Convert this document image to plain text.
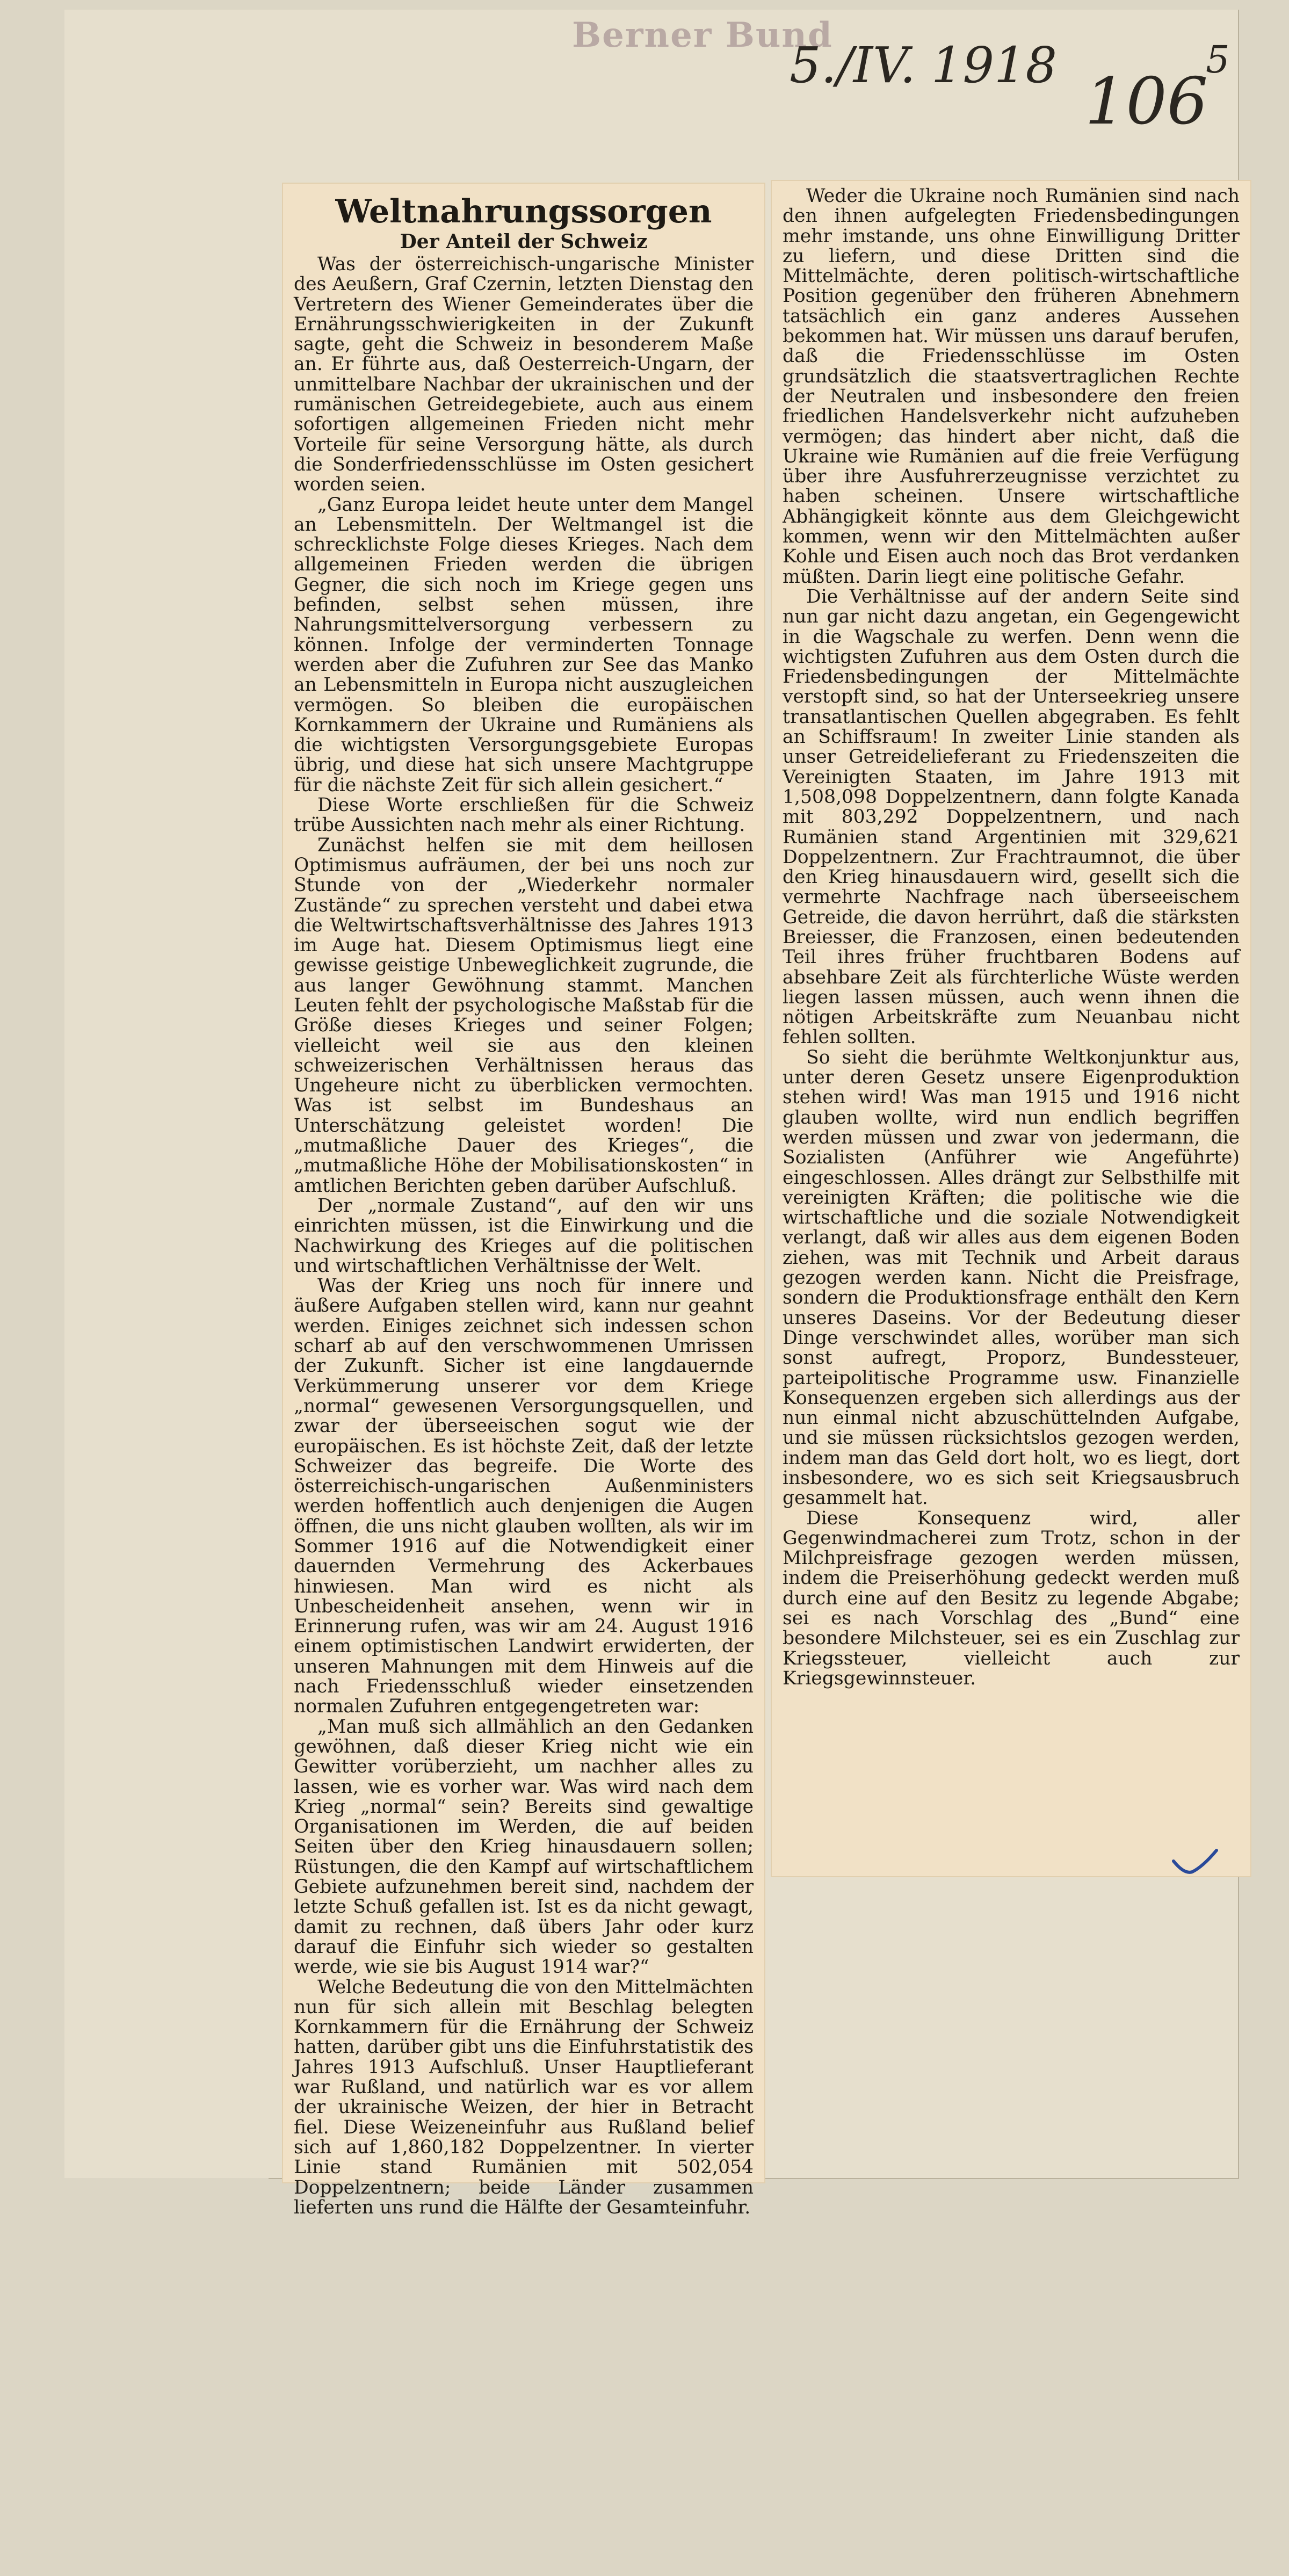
Berner Bund
5./IV. 1918 106
5
Weltnahrungssorgen
Der Anteil der Schweiz

Was der österreichisch-ungarische Minister des Aeußern, Graf Czernin, letzten Dienstag den Vertretern des Wiener Gemeinderates über die Ernährungsschwierigkeiten in der Zukunft sagte, geht die Schweiz in besonderem Maße an. Er führte aus, daß Oesterreich-Ungarn, der unmittelbare Nachbar der ukrainischen und der rumänischen Getreidegebiete, auch aus einem sofortigen allgemeinen Frieden nicht mehr Vorteile für seine Versorgung hätte, als durch die Sonderfriedensschlüsse im Osten gesichert worden seien.

„Ganz Europa leidet heute unter dem Mangel an Lebensmitteln. Der Weltmangel ist die schrecklichste Folge dieses Krieges. Nach dem allgemeinen Frieden werden die übrigen Gegner, die sich noch im Kriege gegen uns befinden, selbst sehen müssen, ihre Nahrungsmittelversorgung verbessern zu können. Infolge der verminderten Tonnage werden aber die Zufuhren zur See das Manko an Lebensmitteln in Europa nicht auszugleichen vermögen. So bleiben die europäischen Kornkammern der Ukraine und Rumäniens als die wichtigsten Versorgungsgebiete Europas übrig, und diese hat sich unsere Machtgruppe für die nächste Zeit für sich allein gesichert.“

Diese Worte erschließen für die Schweiz trübe Aussichten nach mehr als einer Richtung.

Zunächst helfen sie mit dem heillosen Optimismus aufräumen, der bei uns noch zur Stunde von der „Wiederkehr normaler Zustände“ zu sprechen versteht und dabei etwa die Weltwirtschaftsverhältnisse des Jahres 1913 im Auge hat. Diesem Optimismus liegt eine gewisse geistige Unbeweglichkeit zugrunde, die aus langer Gewöhnung stammt. Manchen Leuten fehlt der psychologische Maßstab für die Größe dieses Krieges und seiner Folgen; vielleicht weil sie aus den kleinen schweizerischen Verhältnissen heraus das Ungeheure nicht zu überblicken vermochten. Was ist selbst im Bundeshaus an Unterschätzung geleistet worden! Die „mutmaßliche Dauer des Krieges“, die „mutmaßliche Höhe der Mobilisationskosten“ in amtlichen Berichten geben darüber Aufschluß.

Der „normale Zustand“, auf den wir uns einrichten müssen, ist die Einwirkung und die Nachwirkung des Krieges auf die politischen und wirtschaftlichen Verhältnisse der Welt.

Was der Krieg uns noch für innere und äußere Aufgaben stellen wird, kann nur geahnt werden. Einiges zeichnet sich indessen schon scharf ab auf den verschwommenen Umrissen der Zukunft. Sicher ist eine langdauernde Verkümmerung unserer vor dem Kriege „normal“ gewesenen Versorgungsquellen, und zwar der überseeischen sogut wie der europäischen. Es ist höchste Zeit, daß der letzte Schweizer das begreife. Die Worte des österreichisch-ungarischen Außenministers werden hoffentlich auch denjenigen die Augen öffnen, die uns nicht glauben wollten, als wir im Sommer 1916 auf die Notwendigkeit einer dauernden Vermehrung des Ackerbaues hinwiesen. Man wird es nicht als Unbescheidenheit ansehen, wenn wir in Erinnerung rufen, was wir am 24. August 1916 einem optimistischen Landwirt erwiderten, der unseren Mahnungen mit dem Hinweis auf die nach Friedensschluß wieder einsetzenden normalen Zufuhren entgegengetreten war:

„Man muß sich allmählich an den Gedanken gewöhnen, daß dieser Krieg nicht wie ein Gewitter vorüberzieht, um nachher alles zu lassen, wie es vorher war. Was wird nach dem Krieg „normal“ sein? Bereits sind gewaltige Organisationen im Werden, die auf beiden Seiten über den Krieg hinausdauern sollen; Rüstungen, die den Kampf auf wirtschaftlichem Gebiete aufzunehmen bereit sind, nachdem der letzte Schuß gefallen ist. Ist es da nicht gewagt, damit zu rechnen, daß übers Jahr oder kurz darauf die Einfuhr sich wieder so gestalten werde, wie sie bis August 1914 war?“

Welche Bedeutung die von den Mittelmächten nun für sich allein mit Beschlag belegten Kornkammern für die Ernährung der Schweiz hatten, darüber gibt uns die Einfuhrstatistik des Jahres 1913 Aufschluß. Unser Hauptlieferant war Rußland, und natürlich war es vor allem der ukrainische Weizen, der hier in Betracht fiel. Diese Weizeneinfuhr aus Rußland belief sich auf 1,860,182 Doppelzentner. In vierter Linie stand Rumänien mit 502,054 Doppelzentnern; beide Länder zusammen lieferten uns rund die Hälfte der Gesamteinfuhr.

Weder die Ukraine noch Rumänien sind nach den ihnen aufgelegten Friedensbedingungen mehr imstande, uns ohne Einwilligung Dritter zu liefern, und diese Dritten sind die Mittelmächte, deren politisch-wirtschaftliche Position gegenüber den früheren Abnehmern tatsächlich ein ganz anderes Aussehen bekommen hat. Wir müssen uns darauf berufen, daß die Friedensschlüsse im Osten grundsätzlich die staatsvertraglichen Rechte der Neutralen und insbesondere den freien friedlichen Handelsverkehr nicht aufzuheben vermögen; das hindert aber nicht, daß die Ukraine wie Rumänien auf die freie Verfügung über ihre Ausfuhrerzeugnisse verzichtet zu haben scheinen. Unsere wirtschaftliche Abhängigkeit könnte aus dem Gleichgewicht kommen, wenn wir den Mittelmächten außer Kohle und Eisen auch noch das Brot verdanken müßten. Darin liegt eine politische Gefahr.

Die Verhältnisse auf der andern Seite sind nun gar nicht dazu angetan, ein Gegengewicht in die Wagschale zu werfen. Denn wenn die wichtigsten Zufuhren aus dem Osten durch die Friedensbedingungen der Mittelmächte verstopft sind, so hat der Unterseekrieg unsere transatlantischen Quellen abgegraben. Es fehlt an Schiffsraum! In zweiter Linie standen als unser Getreidelieferant zu Friedenszeiten die Vereinigten Staaten, im Jahre 1913 mit 1,508,098 Doppelzentnern, dann folgte Kanada mit 803,292 Doppelzentnern, und nach Rumänien stand Argentinien mit 329,621 Doppelzentnern. Zur Frachtraumnot, die über den Krieg hinausdauern wird, gesellt sich die vermehrte Nachfrage nach überseeischem Getreide, die davon herrührt, daß die stärksten Breiesser, die Franzosen, einen bedeutenden Teil ihres früher fruchtbaren Bodens auf absehbare Zeit als fürchterliche Wüste werden liegen lassen müssen, auch wenn ihnen die nötigen Arbeitskräfte zum Neuanbau nicht fehlen sollten.

So sieht die berühmte Weltkonjunktur aus, unter deren Gesetz unsere Eigenproduktion stehen wird! Was man 1915 und 1916 nicht glauben wollte, wird nun endlich begriffen werden müssen und zwar von jedermann, die Sozialisten (Anführer wie Angeführte) eingeschlossen. Alles drängt zur Selbsthilfe mit vereinigten Kräften; die politische wie die wirtschaftliche und die soziale Notwendigkeit verlangt, daß wir alles aus dem eigenen Boden ziehen, was mit Technik und Arbeit daraus gezogen werden kann. Nicht die Preisfrage, sondern die Produktionsfrage enthält den Kern unseres Daseins. Vor der Bedeutung dieser Dinge verschwindet alles, worüber man sich sonst aufregt, Proporz, Bundessteuer, parteipolitische Programme usw. Finanzielle Konsequenzen ergeben sich allerdings aus der nun einmal nicht abzuschüttelnden Aufgabe, und sie müssen rücksichtslos gezogen werden, indem man das Geld dort holt, wo es liegt, dort insbesondere, wo es sich seit Kriegsausbruch gesammelt hat.

Diese Konsequenz wird, aller Gegenwindmacherei zum Trotz, schon in der Milchpreisfrage gezogen werden müssen, indem die Preiserhöhung gedeckt werden muß durch eine auf den Besitz zu legende Abgabe; sei es nach Vorschlag des „Bund“ eine besondere Milchsteuer, sei es ein Zuschlag zur Kriegssteuer, vielleicht auch zur Kriegsgewinnsteuer.
